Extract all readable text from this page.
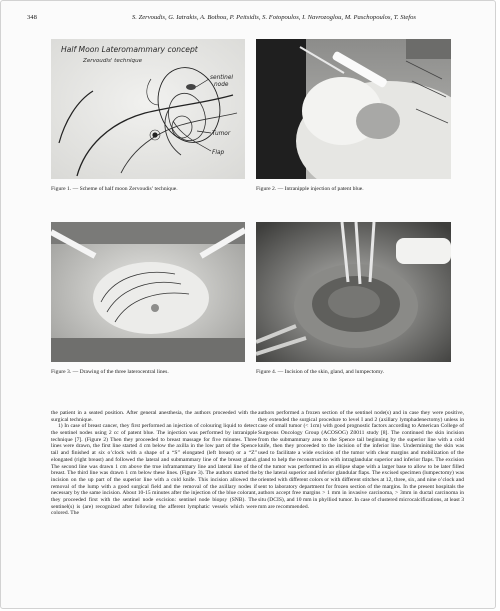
348	S. Zervoudis, G. Iatrakis, A. Bothou, P. Peitsidis, S. Fotopoulos, I. Navrozoglou, M. Paschopoulos, T. Stefos
Half Moon Lateromammary concept
Zervoudis' technique
sentinel
node
Tumor
Flap
Figure 1. — Scheme of half moon Zervoudis’ technique.	Figure 2. — Intranipple injection of patent blue.
Figure 3. — Drawing of the three laterocentral lines.	Figure 4. — Incision of the skin, gland, and lumpectomy.

the patient in a seated position. After general anesthesia, the authors proceeded with the surgical technique.

1) In case of breast cancer, they first performed an injection of colouring liquid to detect the sentinel nodes using 2 cc of patent blue. The injection was performed by intranipple technique [7]. (Figure 2) Then they proceeded to breast massage for five minutes. Three lines were drawn, the first line started 4 cm below the axilla in the low part of the Spence tail and finished at six o’clock with a shape of a “S” elongated (left breast) or a “Z” elongated (right breast) and followed the lateral and submammary line of the breast gland. The second line was drawn 1 cm above the true inframammary line and lateral line of the breast. The third line was drawn 1 cm below these lines. (Figure 3). The authors started the incision on the up part of the superior line with a cold knife. This incision allowed the removal of the lump with a good surgical field and the removal of the axillary nodes if necessary by the same incision. About 10-15 minutes after the injection of the blue colorant, they proceeded first with the sentinel node excision: sentinel node biopsy (SNB). The sentinel(s) is (are) recognized after following the afferent lymphatic vessels which were colored. The

authors performed a frozen section of the sentinel node(s) and in case they were positive, they extended the surgical procedure to level I and 2 (axillary lymphadenectomy) unless in case of small tumor (< 1cm) with good prognostic factors according to American College of Surgeons Oncology Group (ACOSOG) Z0011 study [8]. The continued the skin incision from the submammary area to the Spence tail beginning by the superior line with a cold knife, then they proceeded to the incision of the inferior line. Undermining the skin was used to facilitate a wide excision of the tumor with clear margins and mobilization of the gland to help the reconstruction with intraglandular superior and inferior flaps. The excision of the tumor was performed in an ellipse shape with a larger base to allow to be later filled by the lateral superior and inferior glandular flaps. The excised specimen (lumpectomy) was oriented with different colors or with different stitches at 12, three, six, and nine o’clock and sent to laboratory department for frozen section of the margins. In the present hospitals the authors accept free margins > 1 mm in invasive carcinoma, > 3mm in ductal carcinoma in situ (DCIS), and 10 mm in phylliod tumor. In case of clustered microcalcifications, at least 3 mm are recommended.
